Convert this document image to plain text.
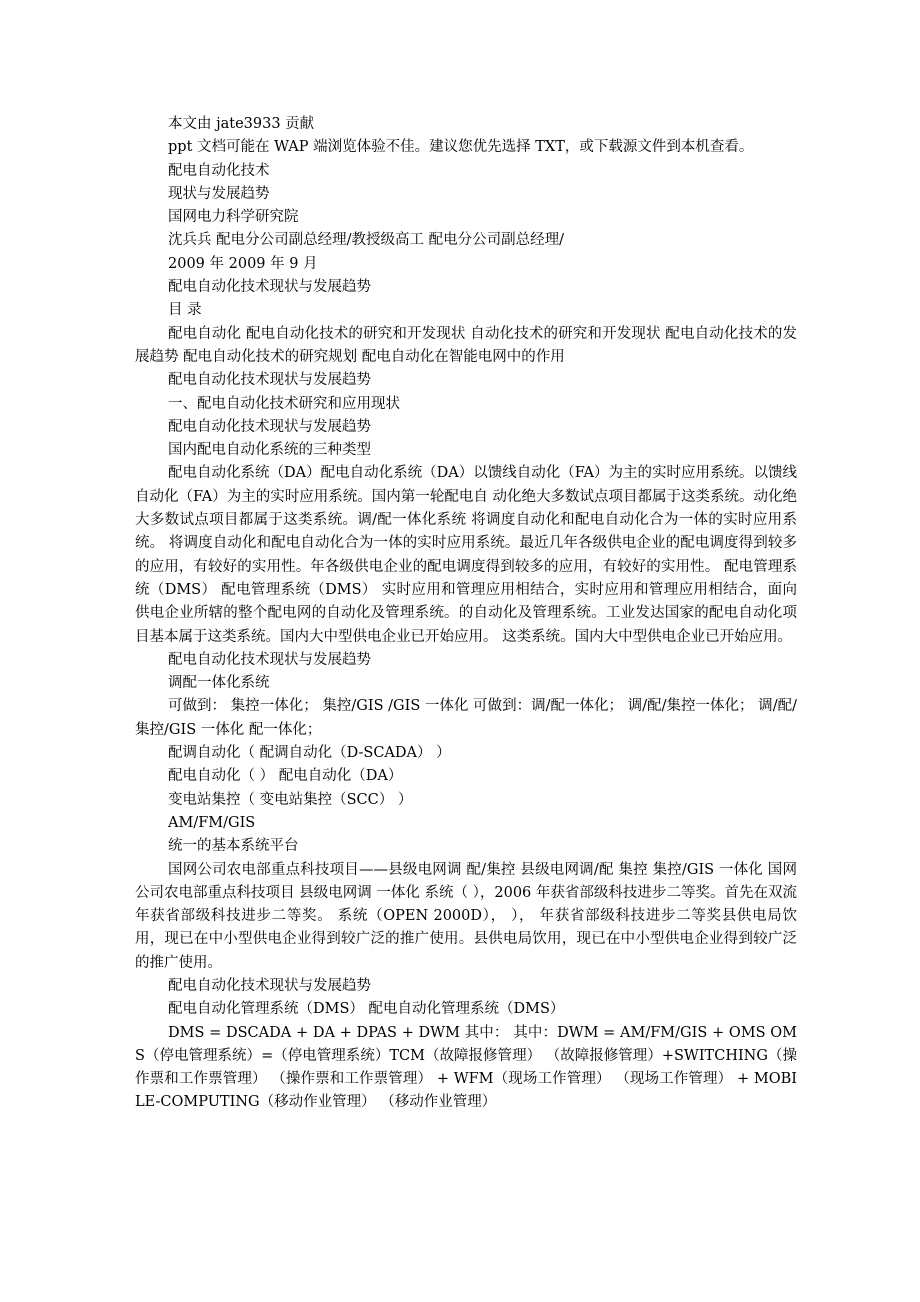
本文由 jate3933 贡献

ppt 文档可能在 WAP 端浏览体验不佳。建议您优先选择 TXT，或下载源文件到本机查看。

配电自动化技术

现状与发展趋势

国网电力科学研究院

沈兵兵 配电分公司副总经理/教授级高工 配电分公司副总经理/

2009 年 2009 年 9 月

配电自动化技术现状与发展趋势

目 录

配电自动化 配电自动化技术的研究和开发现状 自动化技术的研究和开发现状 配电自动化技术的发展趋势 配电自动化技术的研究规划 配电自动化在智能电网中的作用

配电自动化技术现状与发展趋势

一、配电自动化技术研究和应用现状

配电自动化技术现状与发展趋势

国内配电自动化系统的三种类型

配电自动化系统（DA）配电自动化系统（DA）以馈线自动化（FA）为主的实时应用系统。以馈线自动化（FA）为主的实时应用系统。国内第一轮配电自 动化绝大多数试点项目都属于这类系统。动化绝大多数试点项目都属于这类系统。调/配一体化系统 将调度自动化和配电自动化合为一体的实时应用系统。 将调度自动化和配电自动化合为一体的实时应用系统。最近几年各级供电企业的配电调度得到较多的应用，有较好的实用性。年各级供电企业的配电调度得到较多的应用，有较好的实用性。 配电管理系统（DMS） 配电管理系统（DMS） 实时应用和管理应用相结合，实时应用和管理应用相结合，面向供电企业所辖的整个配电网的自动化及管理系统。的自动化及管理系统。工业发达国家的配电自动化项目基本属于这类系统。国内大中型供电企业已开始应用。 这类系统。国内大中型供电企业已开始应用。

配电自动化技术现状与发展趋势

调配一体化系统

可做到： 集控一体化； 集控/GIS /GIS 一体化 可做到：调/配一体化； 调/配/集控一体化； 调/配/集控/GIS 一体化 配一体化；

配调自动化（ 配调自动化（D-SCADA） ）

配电自动化（ ） 配电自动化（DA）

变电站集控（ 变电站集控（SCC） ）

AM/FM/GIS

统一的基本系统平台

国网公司农电部重点科技项目——县级电网调 配/集控 县级电网调/配 集控 集控/GIS 一体化 国网公司农电部重点科技项目 县级电网调 一体化 系统（ ），2006 年获省部级科技进步二等奖。首先在双流 年获省部级科技进步二等奖。 系统（OPEN 2000D）， ）， 年获省部级科技进步二等奖县供电局饮用，现已在中小型供电企业得到较广泛的推广使用。县供电局饮用，现已在中小型供电企业得到较广泛的推广使用。

配电自动化技术现状与发展趋势

配电自动化管理系统（DMS） 配电自动化管理系统（DMS）

DMS = DSCADA + DA + DPAS + DWM 其中： 其中：DWM = AM/FM/GIS + OMS OMS（停电管理系统）=（停电管理系统）TCM（故障报修管理） （故障报修管理）+SWITCHING（操作票和工作票管理） （操作票和工作票管理） + WFM（现场工作管理） （现场工作管理） + MOBILE-COMPUTING（移动作业管理） （移动作业管理）
